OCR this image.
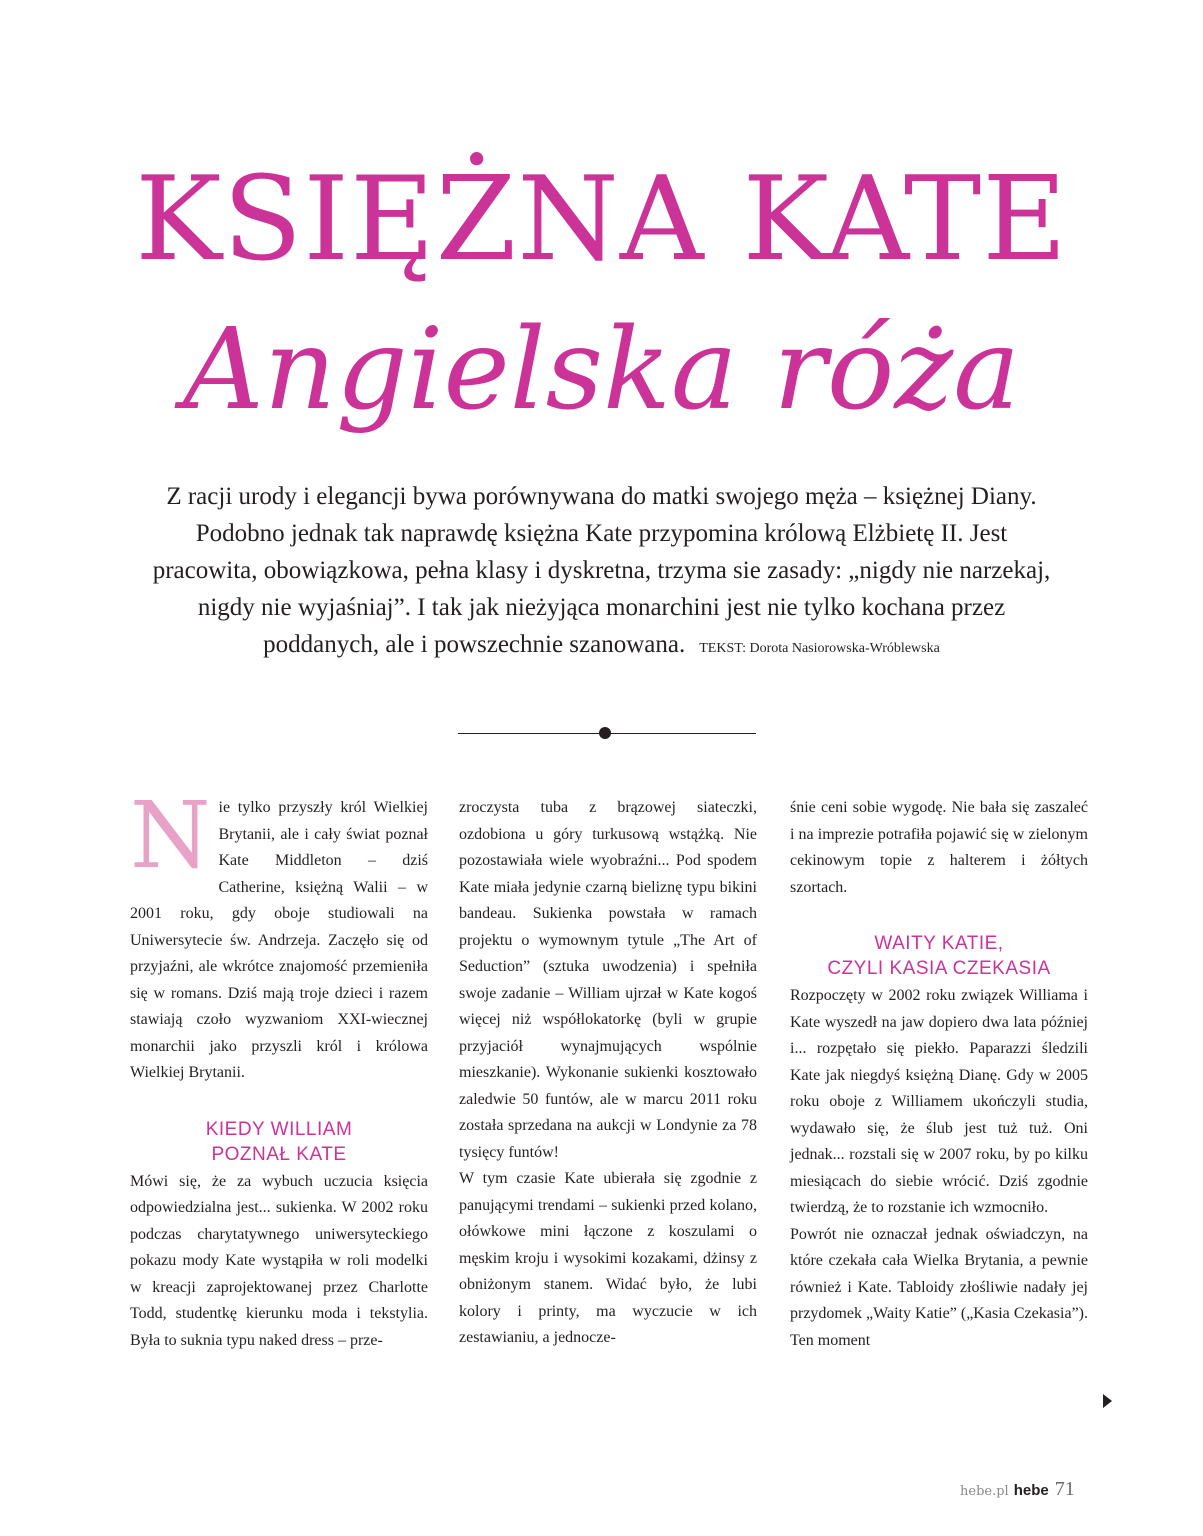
KSIĘŻNA KATE
Angielska róża

Z racji urody i elegancji bywa porównywana do matki swojego męża – księżnej Diany. Podobno jednak tak naprawdę księżna Kate przypomina królową Elżbietę II. Jest pracowita, obowiązkowa, pełna klasy i dyskretna, trzyma sie zasady: „nigdy nie narzekaj, nigdy nie wyjaśniaj”. I tak jak nieżyjąca monarchini jest nie tylko kochana przez poddanych, ale i powszechnie szanowana. TEKST: Dorota Nasiorowska-Wróblewska

Nie tylko przyszły król Wielkiej Brytanii, ale i cały świat poznał Kate Middleton – dziś Catherine, księżną Walii – w 2001 roku, gdy oboje studiowali na Uniwersytecie św. Andrzeja. Zaczęło się od przyjaźni, ale wkrótce znajomość przemieniła się w romans. Dziś mają troje dzieci i razem stawiają czoło wyzwaniom XXI-wiecznej monarchii jako przyszli król i królowa Wielkiej Brytanii.

KIEDY WILLIAM
POZNAŁ KATE

Mówi się, że za wybuch uczucia księcia odpowiedzialna jest... sukienka. W 2002 roku podczas charytatywnego uniwersyteckiego pokazu mody Kate wystąpiła w roli modelki w kreacji zaprojektowanej przez Charlotte Todd, studentkę kierunku moda i tekstylia. Była to suknia typu naked dress – prze-

zroczysta tuba z brązowej siateczki, ozdobiona u góry turkusową wstążką. Nie pozostawiała wiele wyobraźni... Pod spodem Kate miała jedynie czarną bieliznę typu bikini bandeau. Sukienka powstała w ramach projektu o wymownym tytule „The Art of Seduction” (sztuka uwodzenia) i spełniła swoje zadanie – William ujrzał w Kate kogoś więcej niż współlokatorkę (byli w grupie przyjaciół wynajmujących wspólnie mieszkanie). Wykonanie sukienki kosztowało zaledwie 50 funtów, ale w marcu 2011 roku została sprzedana na aukcji w Londynie za 78 tysięcy funtów!

W tym czasie Kate ubierała się zgodnie z panującymi trendami – sukienki przed kolano, ołówkowe mini łączone z koszulami o męskim kroju i wysokimi kozakami, dżinsy z obniżonym stanem. Widać było, że lubi kolory i printy, ma wyczucie w ich zestawianiu, a jednocze-

śnie ceni sobie wygodę. Nie bała się zaszaleć i na imprezie potrafiła pojawić się w zielonym cekinowym topie z halterem i żółtych szortach.

WAITY KATIE,
CZYLI KASIA CZEKASIA

Rozpoczęty w 2002 roku związek Williama i Kate wyszedł na jaw dopiero dwa lata później i... rozpętało się piekło. Paparazzi śledzili Kate jak niegdyś księżną Dianę. Gdy w 2005 roku oboje z Williamem ukończyli studia, wydawało się, że ślub jest tuż tuż. Oni jednak... rozstali się w 2007 roku, by po kilku miesiącach do siebie wrócić. Dziś zgodnie twierdzą, że to rozstanie ich wzmocniło.

Powrót nie oznaczał jednak oświadczyn, na które czekała cała Wielka Brytania, a pewnie również i Kate. Tabloidy złośliwie nadały jej przydomek „Waity Katie” („Kasia Czekasia”). Ten moment

hebe.pl hebe 71
